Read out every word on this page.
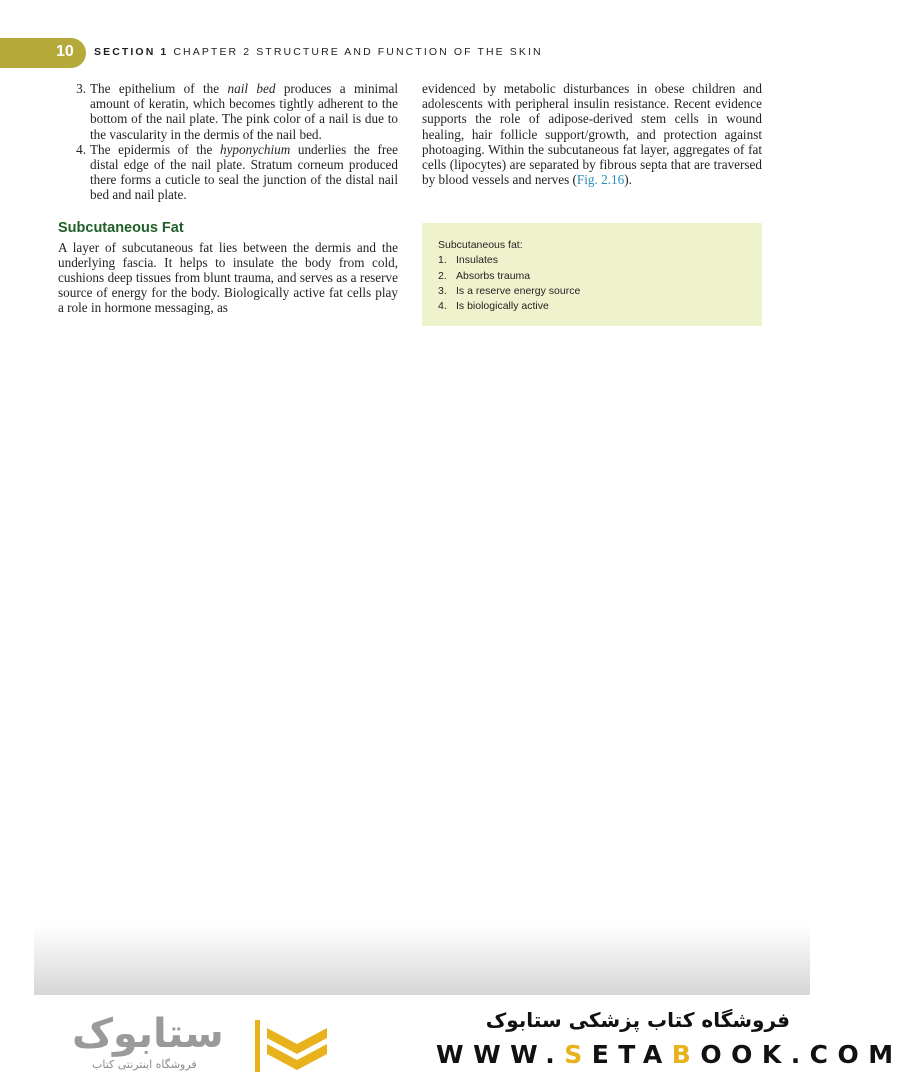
10 SECTION 1 CHAPTER 2 STRUCTURE AND FUNCTION OF THE SKIN
3. The epithelium of the nail bed produces a minimal amount of keratin, which becomes tightly adherent to the bottom of the nail plate. The pink color of a nail is due to the vascularity in the dermis of the nail bed.
4. The epidermis of the hyponychium underlies the free distal edge of the nail plate. Stratum corneum produced there forms a cuticle to seal the junction of the distal nail bed and nail plate.
Subcutaneous Fat

A layer of subcutaneous fat lies between the dermis and the underlying fascia. It helps to insulate the body from cold, cushions deep tissues from blunt trauma, and serves as a reserve source of energy for the body. Biologically active fat cells play a role in hormone messaging, as

evidenced by metabolic disturbances in obese children and adolescents with peripheral insulin resistance. Recent evidence supports the role of adipose-derived stem cells in wound healing, hair follicle support/growth, and protection against photoaging. Within the subcutaneous fat layer, aggregates of fat cells (lipocytes) are separated by fibrous septa that are traversed by blood vessels and nerves (Fig. 2.16).

Subcutaneous fat:
1. Insulates
2. Absorbs trauma
3. Is a reserve energy source
4. Is biologically active
ستابوک
فروشگاه اینترنتی کتاب
فروشگاه کتاب پزشکی ستابوک
WWW.SETABOOK.COM
